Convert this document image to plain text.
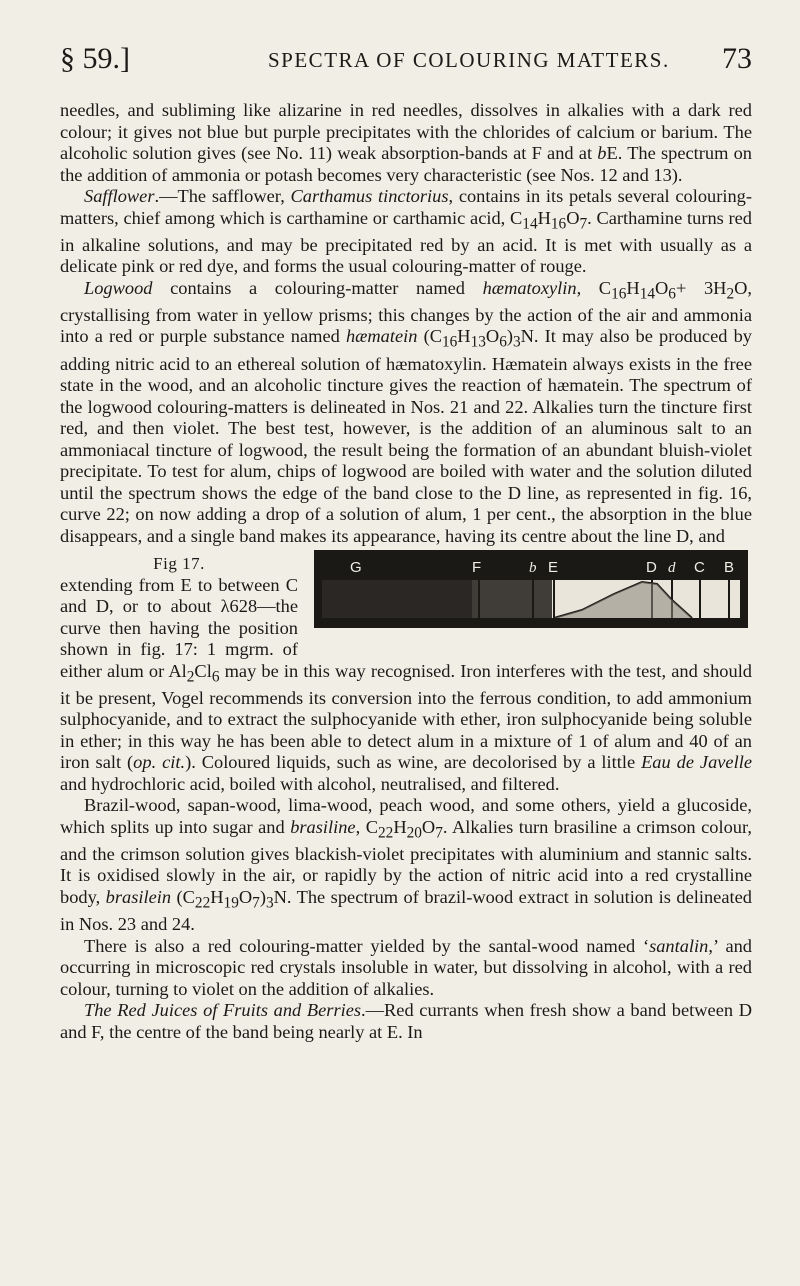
§ 59.]	SPECTRA OF COLOURING MATTERS. 73

needles, and subliming like alizarine in red needles, dissolves in alkalies with a dark red colour; it gives not blue but purple precipitates with the chlorides of calcium or barium. The alcoholic solution gives (see No. 11) weak absorption-bands at F and at bE. The spectrum on the addition of ammonia or potash becomes very characteristic (see Nos. 12 and 13).

Safflower.—The safflower, Carthamus tinctorius, contains in its petals several colouring-matters, chief among which is carthamine or carthamic acid, $C_{14}H_{16}O_7$. Carthamine turns red in alkaline solutions, and may be precipitated red by an acid. It is met with usually as a delicate pink or red dye, and forms the usual colouring-matter of rouge.

Logwood contains a colouring-matter named hæmatoxylin, $C_{16}H_{14}O_6+ 3H_2O$, crystallising from water in yellow prisms; this changes by the action of the air and ammonia into a red or purple substance named hæmatein $(C_{16}H_{13}O_6)_3N$. It may also be produced by adding nitric acid to an ethereal solution of hæmatoxylin. Hæmatein always exists in the free state in the wood, and an alcoholic tincture gives the reaction of hæmatein. The spectrum of the logwood colouring-matters is delineated in Nos. 21 and 22. Alkalies turn the tincture first red, and then violet. The best test, however, is the addition of an aluminous salt to an ammoniacal tincture of logwood, the result being the formation of an abundant bluish-violet precipitate. To test for alum, chips of logwood are boiled with water and the solution diluted until the spectrum shows the edge of the band close to the D line, as represented in fig. 16, curve 22; on now adding a drop of a solution of alum, 1 per cent., the absorption in the blue disappears, and a single band makes its appearance, having its centre about the line D, and
G	F	b E	D d C B

Fig 17.
extending from E to between C and D, or to about λ628—the curve then having the position shown in fig. 17: 1 mgrm. of either alum or $Al_2Cl_6$ may be in this way recognised. Iron interferes with the test, and should it be present, Vogel recommends its conversion into the ferrous condition, to add ammonium sulphocyanide, and to extract the sulphocyanide with ether, iron sulphocyanide being soluble in ether; in this way he has been able to detect alum in a mixture of 1 of alum and 40 of an iron salt (op. cit.). Coloured liquids, such as wine, are decolorised by a little Eau de Javelle and hydrochloric acid, boiled with alcohol, neutralised, and filtered.

Brazil-wood, sapan-wood, lima-wood, peach wood, and some others, yield a glucoside, which splits up into sugar and brasiline, $C_{22}H_{20}O_7$. Alkalies turn brasiline a crimson colour, and the crimson solution gives blackish-violet precipitates with aluminium and stannic salts. It is oxidised slowly in the air, or rapidly by the action of nitric acid into a red crystalline body, brasilein $(C_{22}H_{19}O_7)_3N$. The spectrum of brazil-wood extract in solution is delineated in Nos. 23 and 24.

There is also a red colouring-matter yielded by the santal-wood named ‘santalin,’ and occurring in microscopic red crystals insoluble in water, but dissolving in alcohol, with a red colour, turning to violet on the addition of alkalies.

The Red Juices of Fruits and Berries.—Red currants when fresh show a band between D and F, the centre of the band being nearly at E. In
